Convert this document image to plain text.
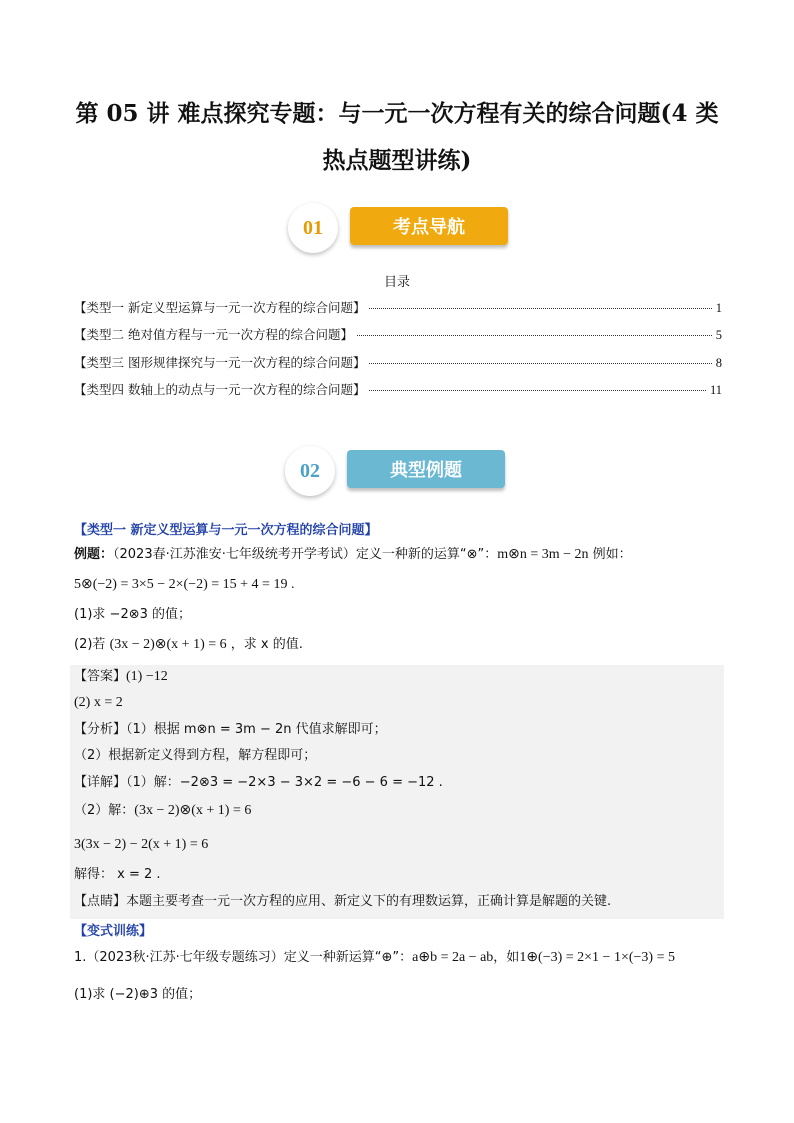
第 05 讲 难点探究专题：与一元一次方程有关的综合问题(4 类
热点题型讲练)
01	考点导航
目录
【类型一 新定义型运算与一元一次方程的综合问题】	1
【类型二 绝对值方程与一元一次方程的综合问题】	5
【类型三 图形规律探究与一元一次方程的综合问题】	8
【类型四 数轴上的动点与一元一次方程的综合问题】	11
02	典型例题
【类型一 新定义型运算与一元一次方程的综合问题】
例题：（2023春·江苏淮安·七年级统考开学考试）定义一种新的运算“⊗”：m⊗n = 3m − 2n 例如：
5⊗(−2) = 3×5 − 2×(−2) = 15 + 4 = 19 .
(1)求 −2⊗3 的值；
(2)若 (3x − 2)⊗(x + 1) = 6 ，求 x 的值.
【答案】(1) −12
(2) x = 2
【分析】（1）根据 m⊗n = 3m − 2n 代值求解即可；
（2）根据新定义得到方程，解方程即可；
【详解】（1）解：−2⊗3 = −2×3 − 3×2 = −6 − 6 = −12 .
（2）解：(3x − 2)⊗(x + 1) = 6
3(3x − 2) − 2(x + 1) = 6
解得： x = 2 .
【点睛】本题主要考查一元一次方程的应用、新定义下的有理数运算，正确计算是解题的关键.
【变式训练】
1.（2023秋·江苏·七年级专题练习）定义一种新运算“⊕”：a⊕b = 2a − ab，如1⊕(−3) = 2×1 − 1×(−3) = 5
(1)求 (−2)⊕3 的值；
